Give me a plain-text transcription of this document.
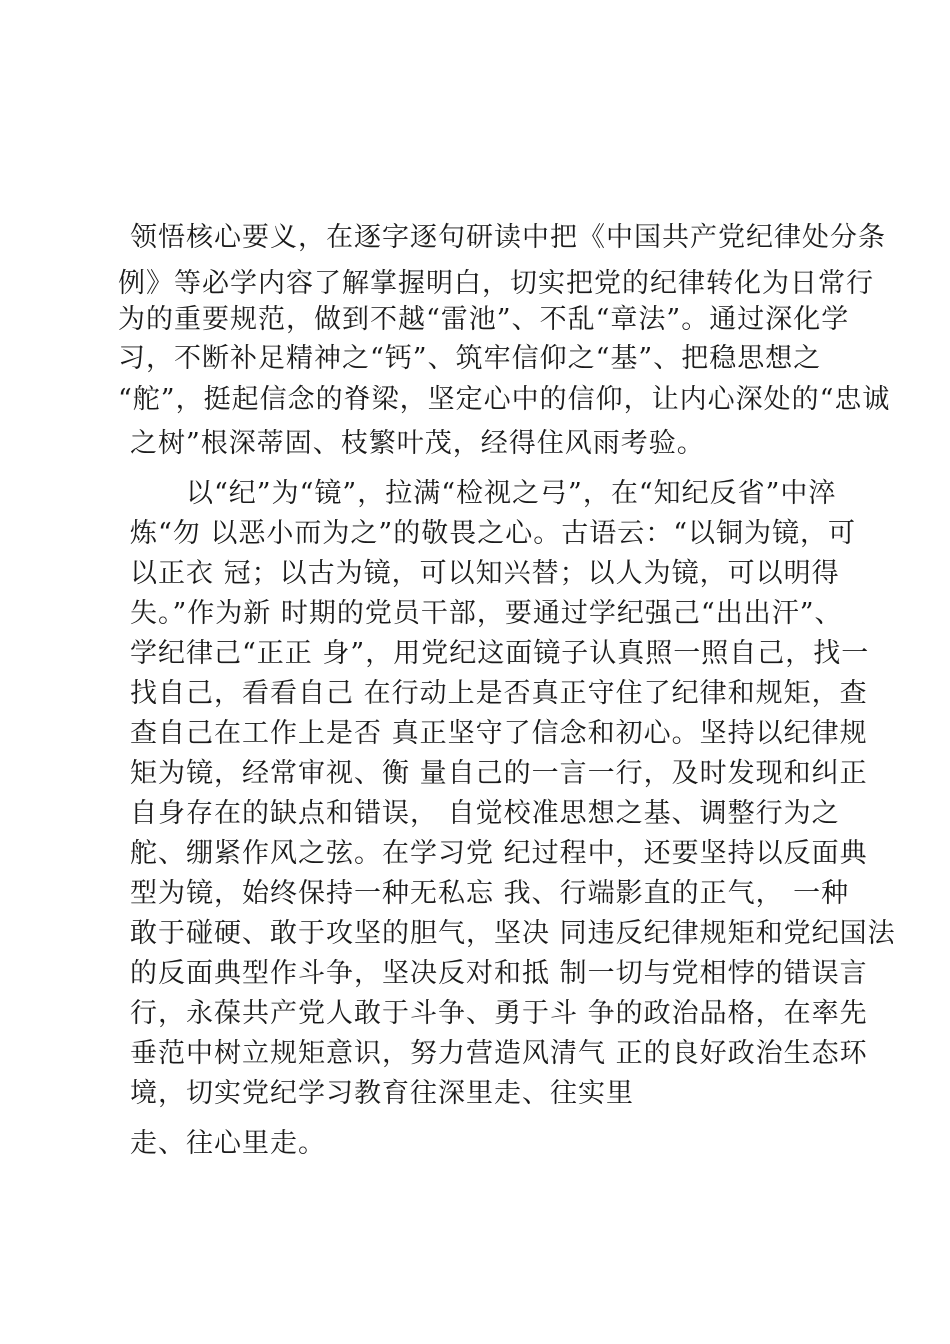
领悟核心要义，在逐字逐句研读中把《中国共产党纪律处分条
例》等必学内容了解掌握明白，切实把党的纪律转化为日常行
为的重要规范，做到不越“雷池”、不乱“章法”。通过深化学
习，不断补足精神之“钙”、筑牢信仰之“基”、把稳思想之
“舵”，挺起信念的脊梁，坚定心中的信仰，让内心深处的“忠诚
之树”根深蒂固、枝繁叶茂，经得住风雨考验。
以“纪”为“镜”，拉满“检视之弓”，在“知纪反省”中淬
炼“勿 以恶小而为之”的敬畏之心。古语云：“以铜为镜，可
以正衣 冠；以古为镜，可以知兴替；以人为镜，可以明得
失。”作为新 时期的党员干部，要通过学纪强己“出出汗”、
学纪律己“正正 身”，用党纪这面镜子认真照一照自己，找一
找自己，看看自己 在行动上是否真正守住了纪律和规矩，查
查自己在工作上是否 真正坚守了信念和初心。坚持以纪律规
矩为镜，经常审视、衡 量自己的一言一行，及时发现和纠正
自身存在的缺点和错误， 自觉校准思想之基、调整行为之
舵、绷紧作风之弦。在学习党 纪过程中，还要坚持以反面典
型为镜，始终保持一种无私忘 我、行端影直的正气， 一种
敢于碰硬、敢于攻坚的胆气，坚决 同违反纪律规矩和党纪国法
的反面典型作斗争，坚决反对和抵 制一切与党相悖的错误言
行，永葆共产党人敢于斗争、勇于斗 争的政治品格，在率先
垂范中树立规矩意识，努力营造风清气 正的良好政治生态环
境，切实党纪学习教育往深里走、往实里
走、往心里走。
